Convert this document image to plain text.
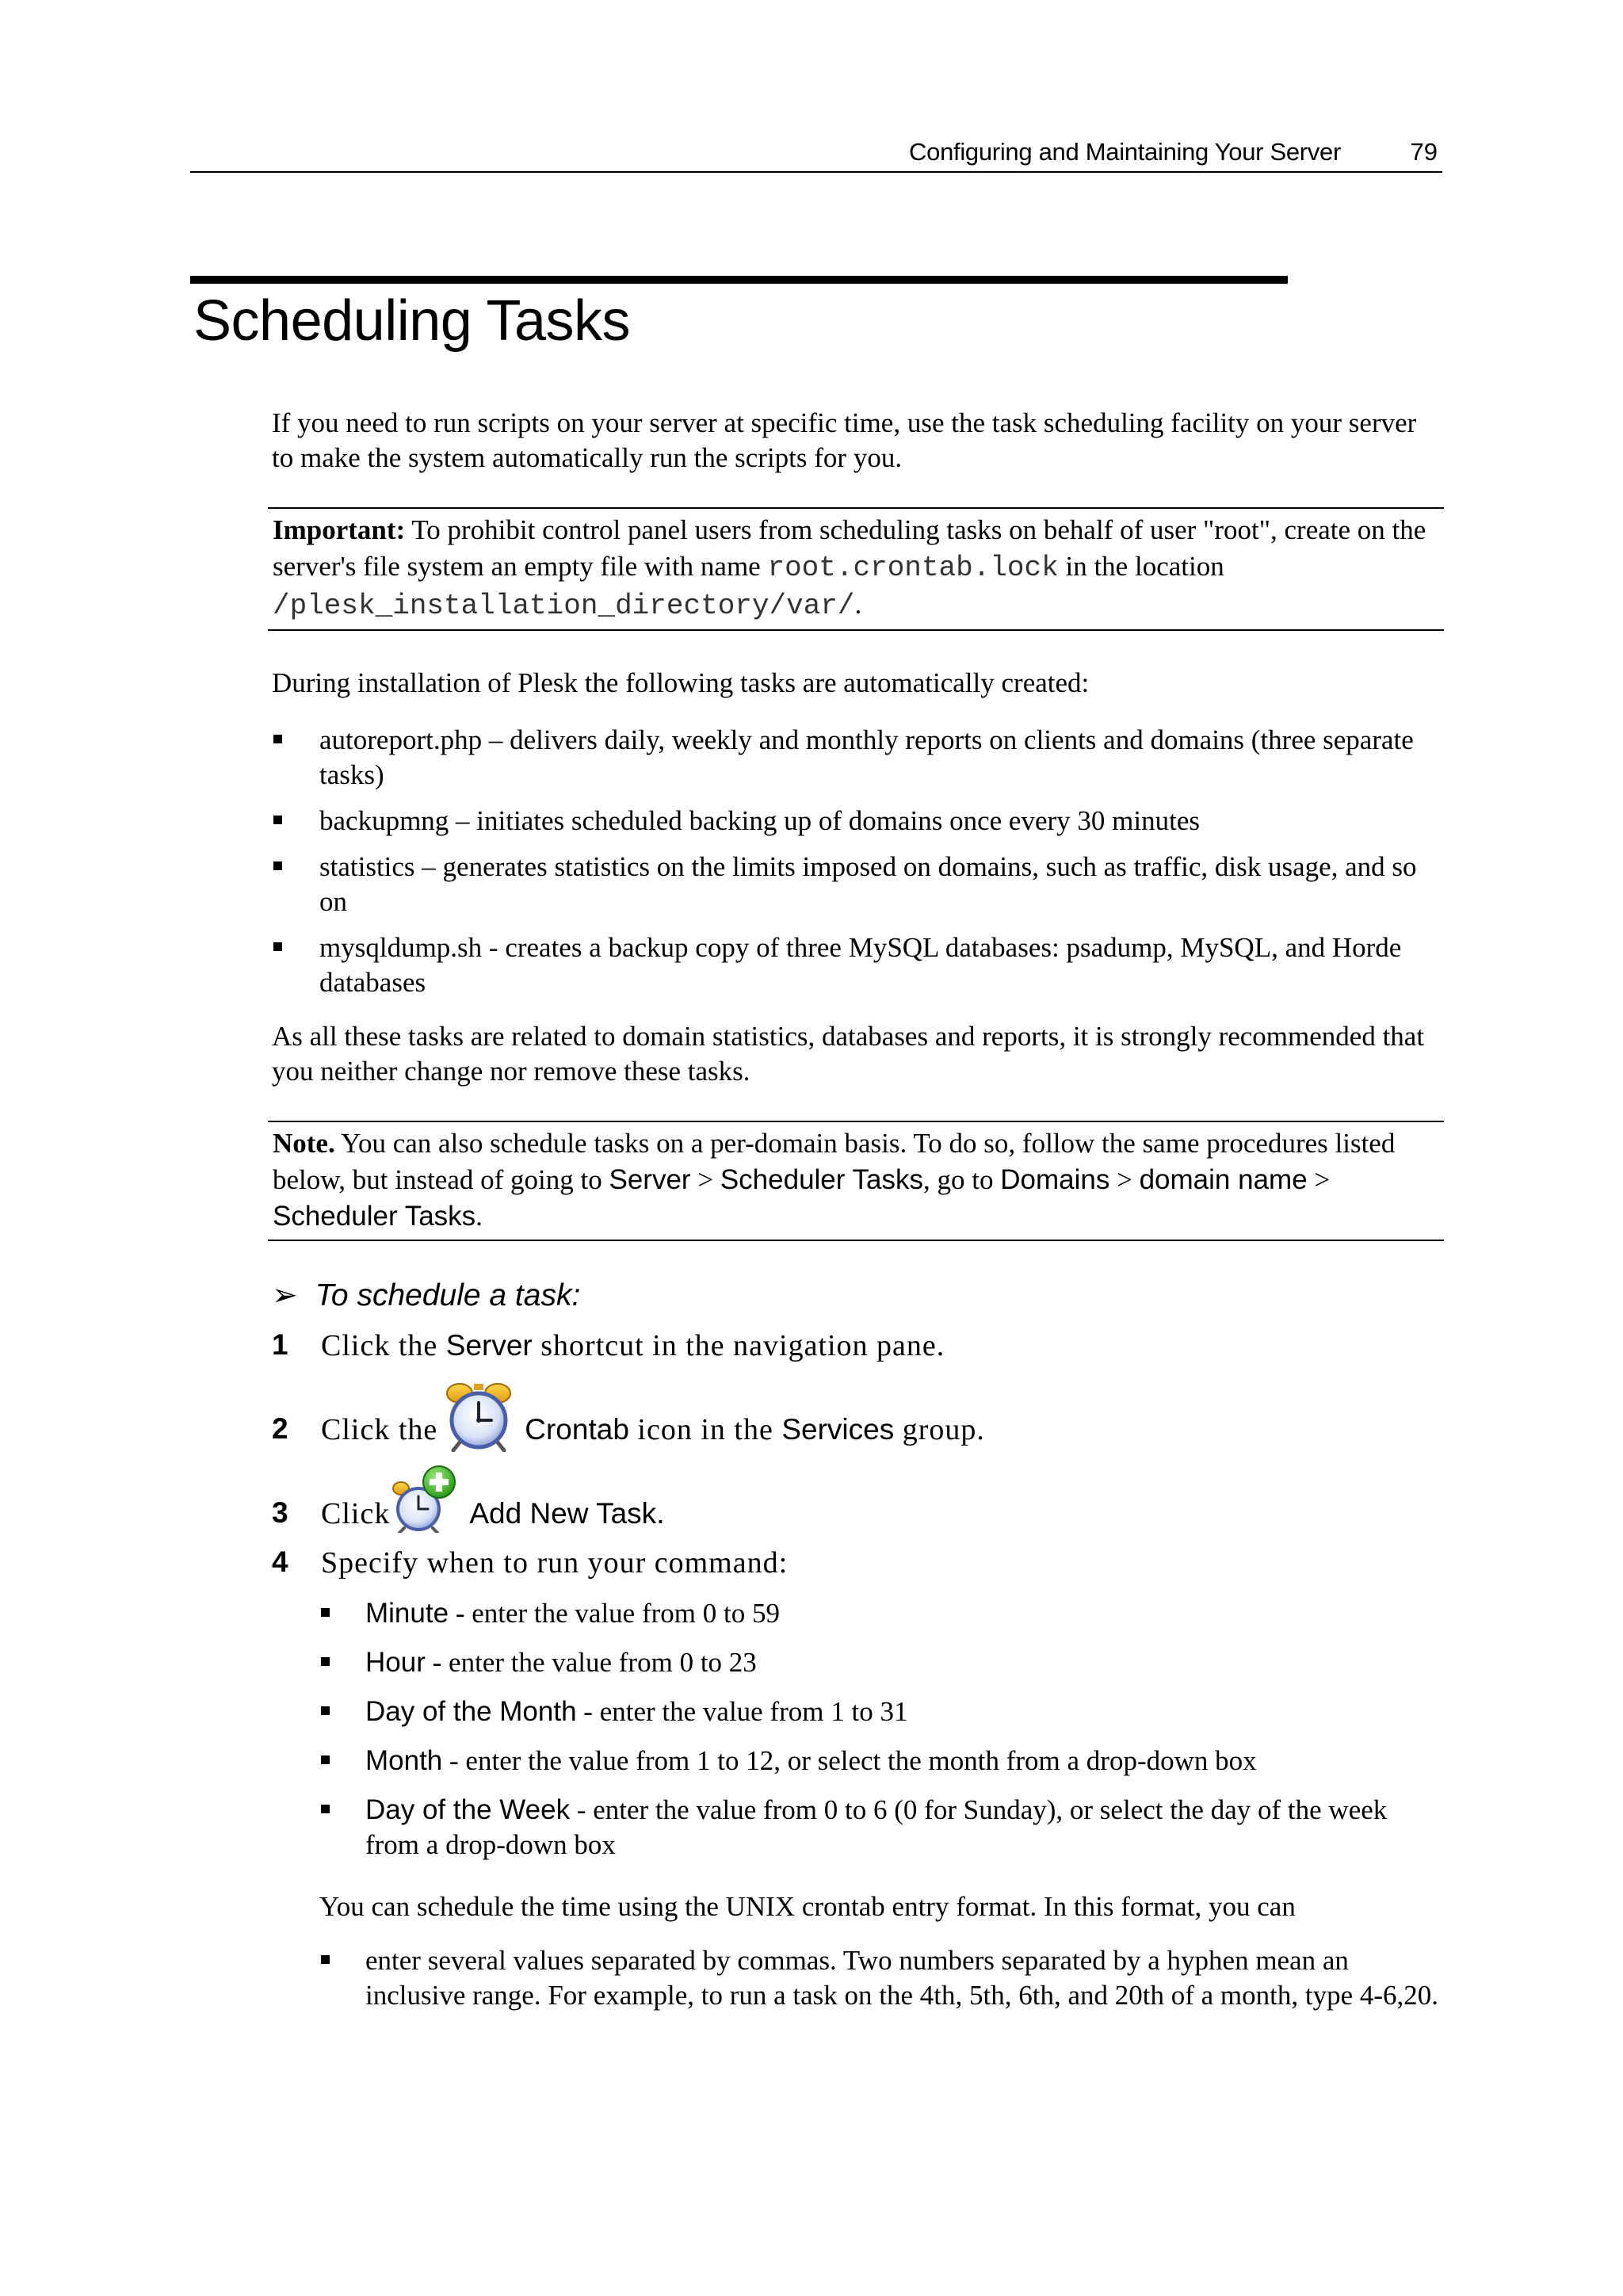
Configuring and Maintaining Your Server	79
Scheduling Tasks

If you need to run scripts on your server at specific time, use the task scheduling facility on your server to make the system automatically run the scripts for you.

Important: To prohibit control panel users from scheduling tasks on behalf of user "root", create on the server's file system an empty file with name root.crontab.lock in the location /plesk_installation_directory/var/.

During installation of Plesk the following tasks are automatically created:

autoreport.php – delivers daily, weekly and monthly reports on clients and domains (three separate tasks)
backupmng – initiates scheduled backing up of domains once every 30 minutes
statistics – generates statistics on the limits imposed on domains, such as traffic, disk usage, and so on
mysqldump.sh - creates a backup copy of three MySQL databases: psadump, MySQL, and Horde databases

As all these tasks are related to domain statistics, databases and reports, it is strongly recommended that you neither change nor remove these tasks.

Note. You can also schedule tasks on a per-domain basis. To do so, follow the same procedures listed below, but instead of going to Server > Scheduler Tasks, go to Domains > domain name > Scheduler Tasks.
➢ To schedule a task:
1 Click the Server shortcut in the navigation pane.
2 Click the	Crontab icon in the Services group.
3 Click	Add New Task.
4 Specify when to run your command:
Minute - enter the value from 0 to 59
Hour - enter the value from 0 to 23
Day of the Month - enter the value from 1 to 31
Month - enter the value from 1 to 12, or select the month from a drop-down box
Day of the Week - enter the value from 0 to 6 (0 for Sunday), or select the day of the week from a drop-down box

You can schedule the time using the UNIX crontab entry format. In this format, you can

enter several values separated by commas. Two numbers separated by a hyphen mean an inclusive range. For example, to run a task on the 4th, 5th, 6th, and 20th of a month, type 4-6,20.
